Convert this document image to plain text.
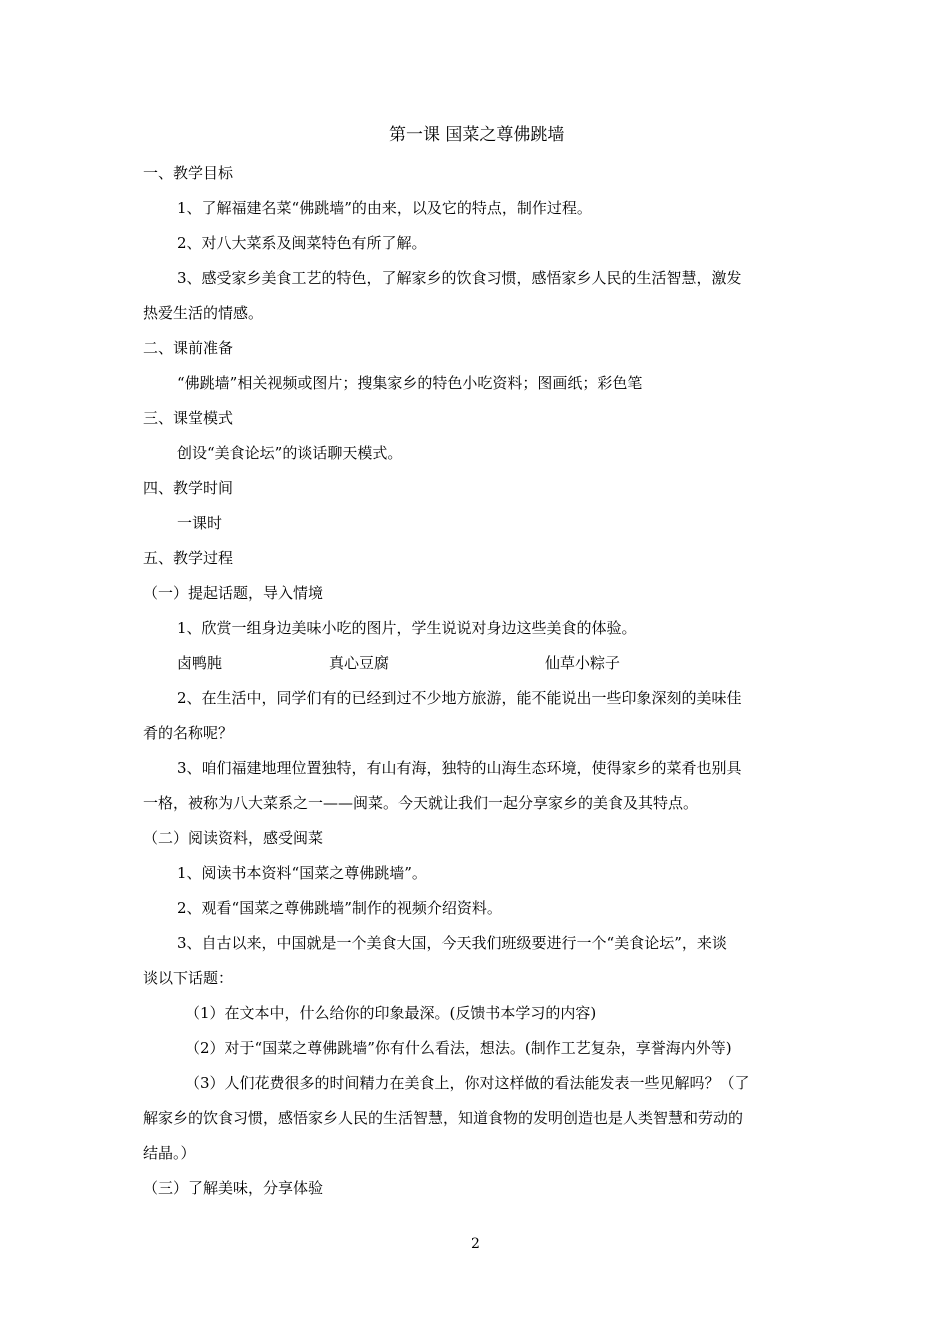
第一课 国菜之尊佛跳墙
一、教学目标
1、了解福建名菜“佛跳墙”的由来，以及它的特点，制作过程。
2、对八大菜系及闽菜特色有所了解。
3、感受家乡美食工艺的特色，了解家乡的饮食习惯，感悟家乡人民的生活智慧，激发
热爱生活的情感。
二、课前准备
“佛跳墙”相关视频或图片；搜集家乡的特色小吃资料；图画纸；彩色笔
三、课堂模式
创设“美食论坛”的谈话聊天模式。
四、教学时间
一课时
五、教学过程
（一）提起话题，导入情境
1、欣赏一组身边美味小吃的图片，学生说说对身边这些美食的体验。
卤鸭肫	真心豆腐	仙草小粽子
2、在生活中，同学们有的已经到过不少地方旅游，能不能说出一些印象深刻的美味佳
肴的名称呢？
3、咱们福建地理位置独特，有山有海，独特的山海生态环境，使得家乡的菜肴也别具
一格，被称为八大菜系之一——闽菜。今天就让我们一起分享家乡的美食及其特点。
（二）阅读资料，感受闽菜
1、阅读书本资料“国菜之尊佛跳墙”。
2、观看“国菜之尊佛跳墙”制作的视频介绍资料。
3、自古以来，中国就是一个美食大国，今天我们班级要进行一个“美食论坛”，来谈
谈以下话题：
（1）在文本中，什么给你的印象最深。(反馈书本学习的内容)
（2）对于“国菜之尊佛跳墙”你有什么看法，想法。(制作工艺复杂，享誉海内外等)
（3）人们花费很多的时间精力在美食上，你对这样做的看法能发表一些见解吗？（了
解家乡的饮食习惯，感悟家乡人民的生活智慧，知道食物的发明创造也是人类智慧和劳动的
结晶。）
（三）了解美味，分享体验
2
